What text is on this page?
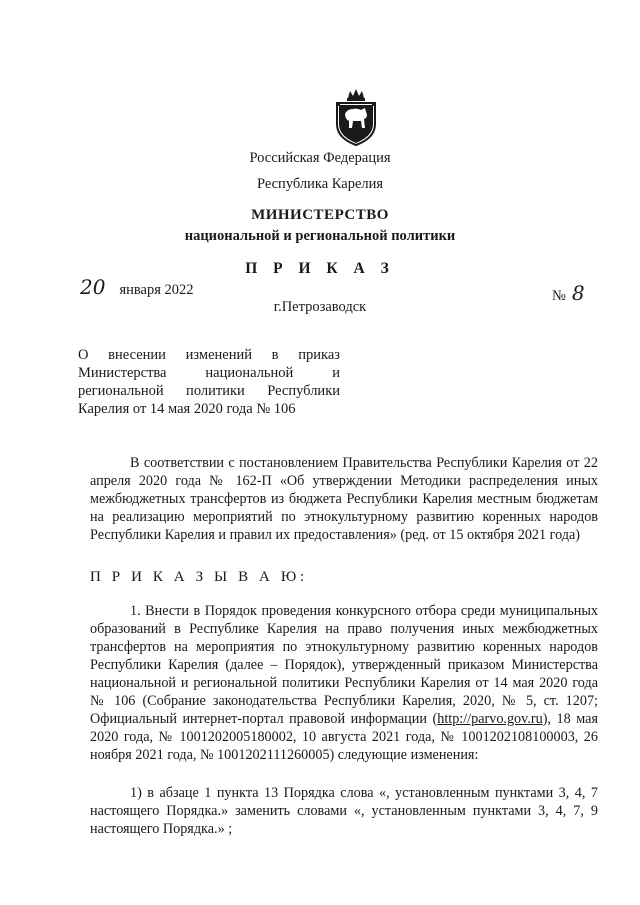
Российская Федерация
Республика Карелия
МИНИСТЕРСТВО
национальной и региональной политики
П Р И К А З
20 января 2022	№ 8
г.Петрозаводск
О внесении изменений в приказ Министерства национальной и региональной политики Республики Карелия от 14 мая 2020 года № 106
В соответствии с постановлением Правительства Республики Карелия от 22 апреля 2020 года № 162-П «Об утверждении Методики распределения иных межбюджетных трансфертов из бюджета Республики Карелия местным бюджетам на реализацию мероприятий по этнокультурному развитию коренных народов Республики Карелия и правил их предоставления» (ред. от 15 октября 2021 года)
П Р И К А З Ы В А Ю:
1. Внести в Порядок проведения конкурсного отбора среди муниципальных образований в Республике Карелия на право получения иных межбюджетных трансфертов на мероприятия по этнокультурному развитию коренных народов Республики Карелия (далее – Порядок), утвержденный приказом Министерства национальной и региональной политики Республики Карелия от 14 мая 2020 года № 106 (Собрание законодательства Республики Карелия, 2020, № 5, ст. 1207; Официальный интернет-портал правовой информации (http://parvo.gov.ru), 18 мая 2020 года, № 1001202005180002, 10 августа 2021 года, № 1001202108100003, 26 ноября 2021 года, № 1001202111260005) следующие изменения:
1) в абзаце 1 пункта 13 Порядка слова «, установленным пунктами 3, 4, 7 настоящего Порядка.» заменить словами «, установленным пунктами 3, 4, 7, 9 настоящего Порядка.» ;
